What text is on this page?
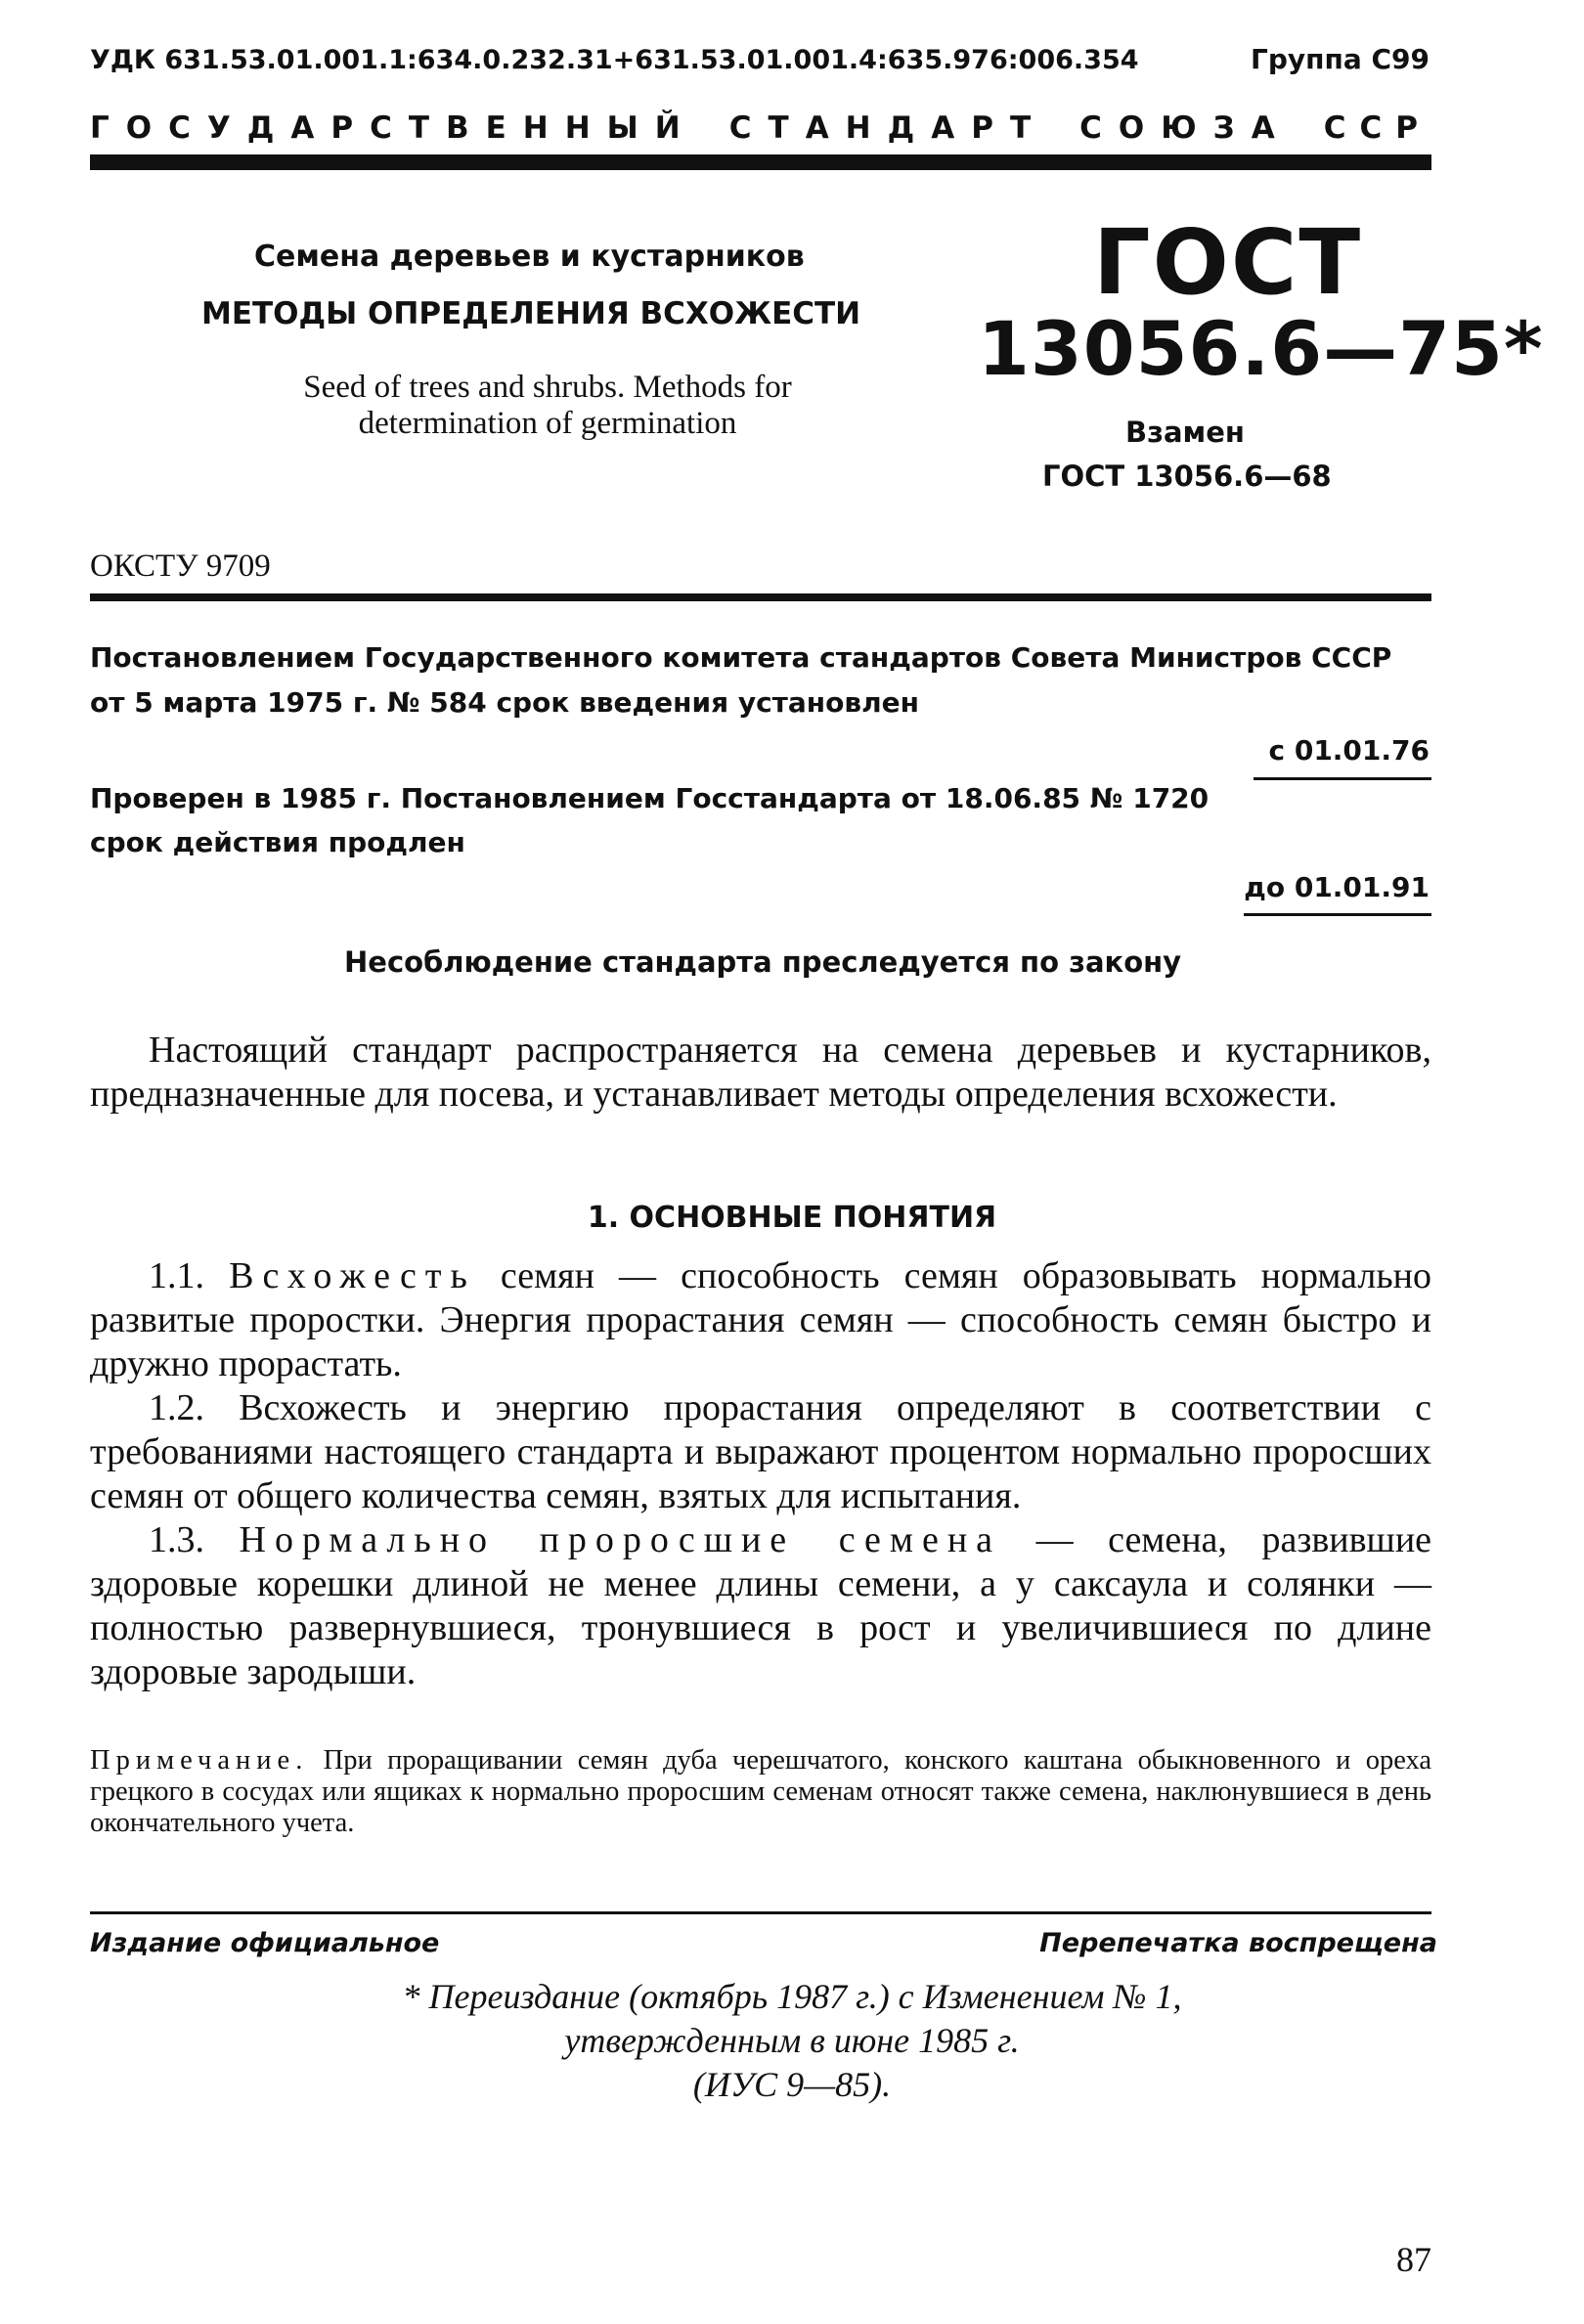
УДК 631.53.01.001.1:634.0.232.31+631.53.01.001.4:635.976:006.354	Группа С99
ГОСУДАРСТВЕННЫЙ СТАНДАРТ СОЮЗА ССР
Семена деревьев и кустарников
МЕТОДЫ ОПРЕДЕЛЕНИЯ ВСХОЖЕСТИ
Seed of trees and shrubs. Methods for determination of germination
ГОСТ
13056.6—75*
Взамен
ГОСТ 13056.6—68
ОКСТУ 9709
Постановлением Государственного комитета стандартов Совета Министров СССР
от 5 марта 1975 г. № 584 срок введения установлен
с 01.01.76
Проверен в 1985 г. Постановлением Госстандарта от 18.06.85 № 1720
срок действия продлен
до 01.01.91
Несоблюдение стандарта преследуется по закону

Настоящий стандарт распространяется на семена деревьев и кустарников, предназначенные для посева, и устанавливает методы определения всхожести.

1. ОСНОВНЫЕ ПОНЯТИЯ

1.1. Всхожесть семян — способность семян образовывать нормально развитые проростки. Энергия прорастания семян — способность семян быстро и дружно прорастать.

1.2. Всхожесть и энергию прорастания определяют в соответствии с требованиями настоящего стандарта и выражают процентом нормально проросших семян от общего количества семян, взятых для испытания.

1.3. Нормально проросшие семена — семена, развившие здоровые корешки длиной не менее длины семени, а у саксаула и солянки — полностью развернувшиеся, тронувшиеся в рост и увеличившиеся по длине здоровые зародыши.

Примечание. При проращивании семян дуба черешчатого, конского каштана обыкновенного и ореха грецкого в сосудах или ящиках к нормально проросшим семенам относят также семена, наклюнувшиеся в день окончательного учета.
Издание официальное	Перепечатка воспрещена
* Переиздание (октябрь 1987 г.) с Изменением № 1,
утвержденным в июне 1985 г.
(ИУС 9—85).
87
